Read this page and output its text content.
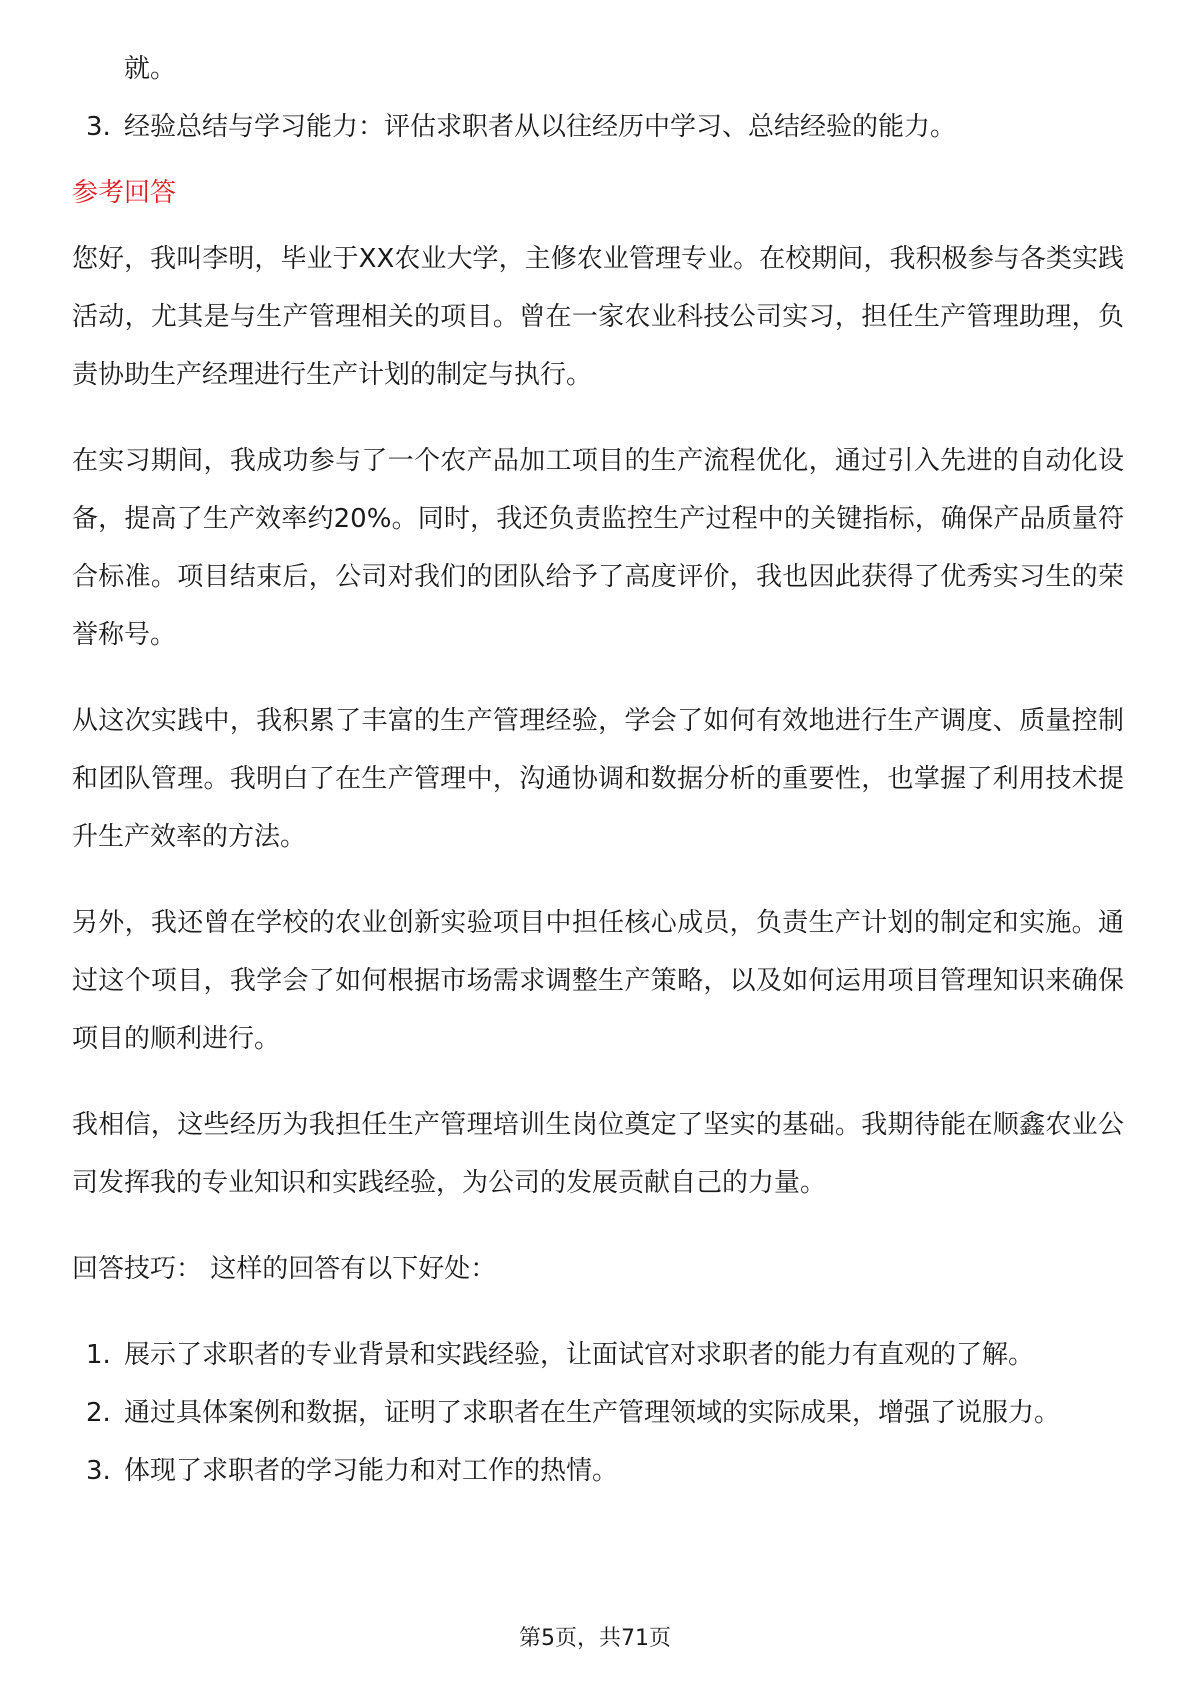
就。

3. 经验总结与学习能力：评估求职者从以往经历中学习、总结经验的能力。
参考回答

您好，我叫李明，毕业于XX农业大学，主修农业管理专业。在校期间，我积极参与各类实践活动，尤其是与生产管理相关的项目。曾在一家农业科技公司实习，担任生产管理助理，负责协助生产经理进行生产计划的制定与执行。

在实习期间，我成功参与了一个农产品加工项目的生产流程优化，通过引入先进的自动化设备，提高了生产效率约20%。同时，我还负责监控生产过程中的关键指标，确保产品质量符合标准。项目结束后，公司对我们的团队给予了高度评价，我也因此获得了优秀实习生的荣誉称号。

从这次实践中，我积累了丰富的生产管理经验，学会了如何有效地进行生产调度、质量控制和团队管理。我明白了在生产管理中，沟通协调和数据分析的重要性，也掌握了利用技术提升生产效率的方法。

另外，我还曾在学校的农业创新实验项目中担任核心成员，负责生产计划的制定和实施。通过这个项目，我学会了如何根据市场需求调整生产策略，以及如何运用项目管理知识来确保项目的顺利进行。

我相信，这些经历为我担任生产管理培训生岗位奠定了坚实的基础。我期待能在顺鑫农业公司发挥我的专业知识和实践经验，为公司的发展贡献自己的力量。

回答技巧： 这样的回答有以下好处：

1. 展示了求职者的专业背景和实践经验，让面试官对求职者的能力有直观的了解。
2. 通过具体案例和数据，证明了求职者在生产管理领域的实际成果，增强了说服力。
3. 体现了求职者的学习能力和对工作的热情。
第5页，共71页
